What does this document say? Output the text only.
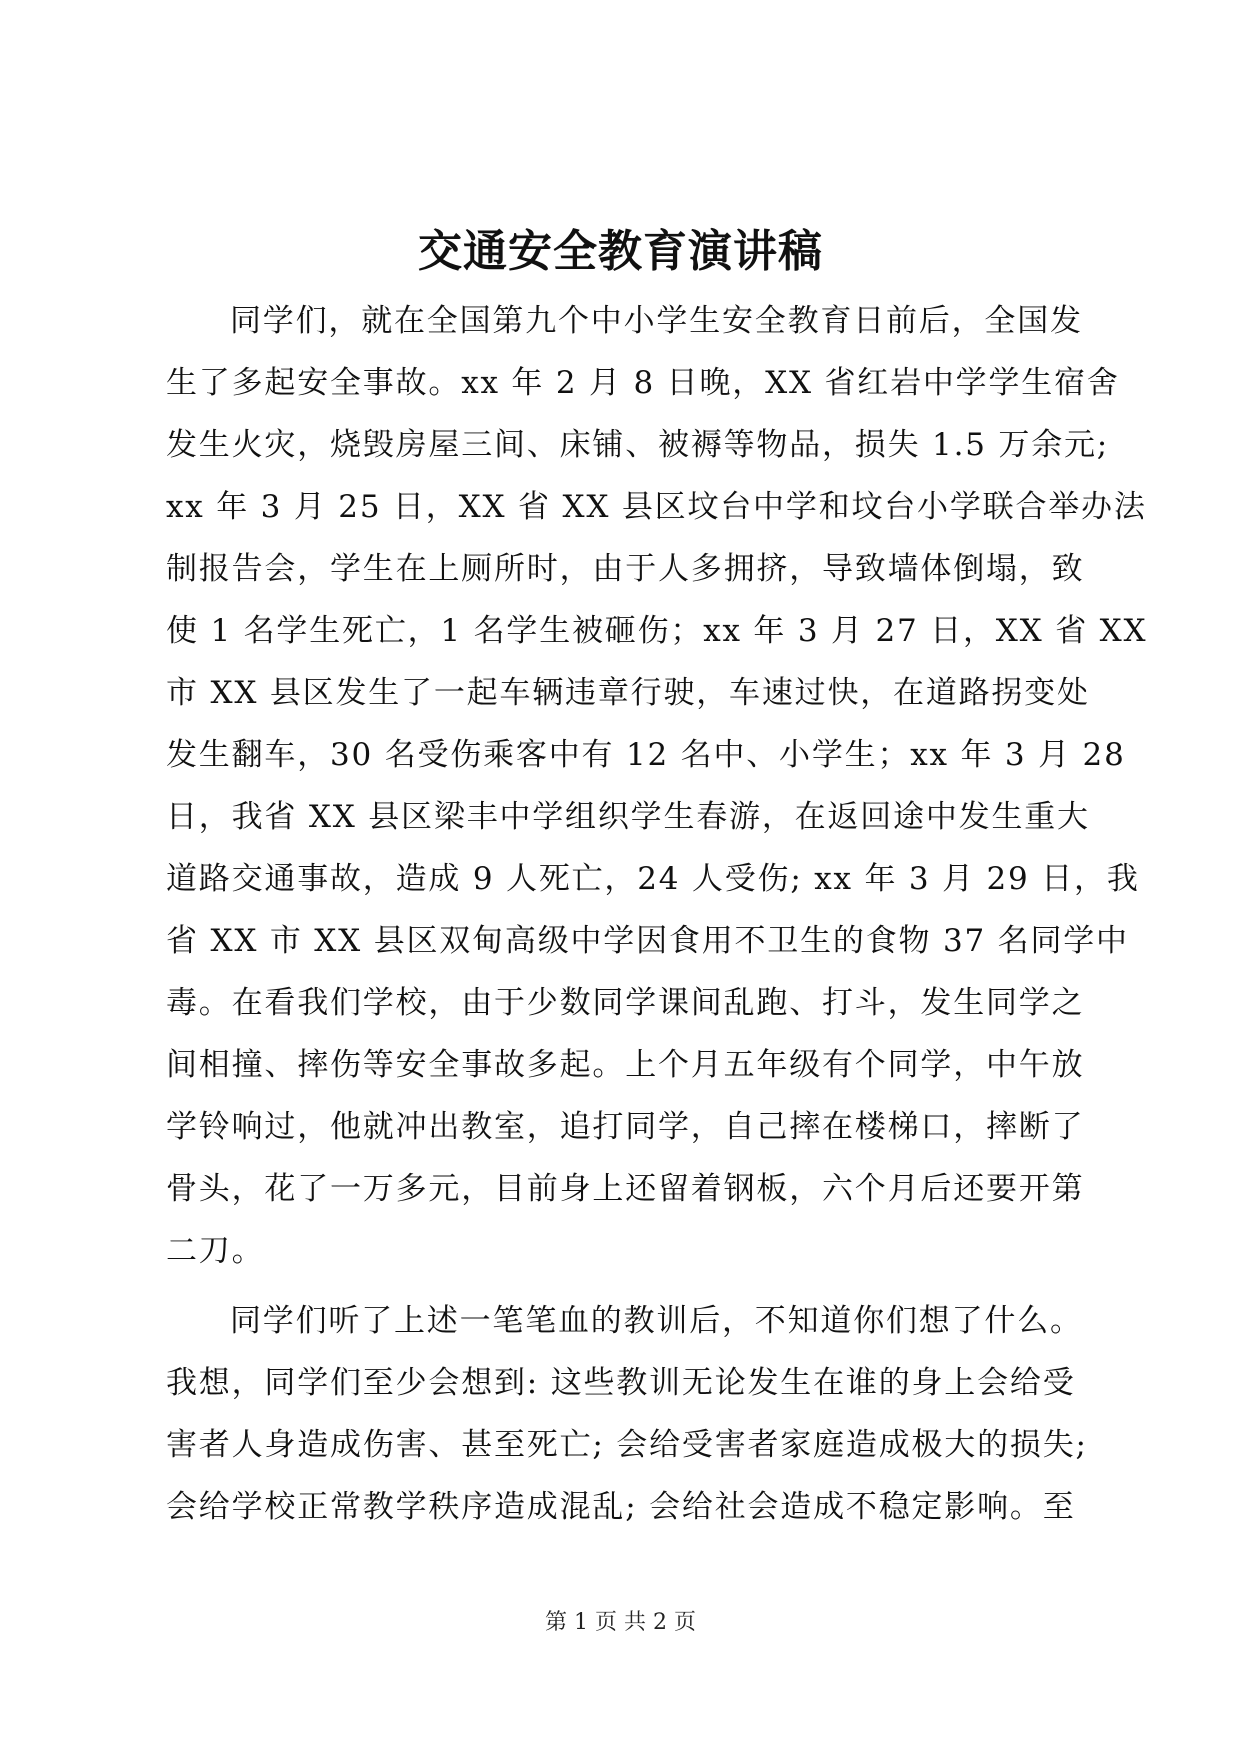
交通安全教育演讲稿
同学们，就在全国第九个中小学生安全教育日前后，全国发
生了多起安全事故。xx 年 2 月 8 日晚，XX 省红岩中学学生宿舍
发生火灾，烧毁房屋三间、床铺、被褥等物品，损失 1.5 万余元;
xx 年 3 月 25 日，XX 省 XX 县区坟台中学和坟台小学联合举办法
制报告会，学生在上厕所时，由于人多拥挤，导致墙体倒塌，致
使 1 名学生死亡，1 名学生被砸伤；xx 年 3 月 27 日，XX 省 XX
市 XX 县区发生了一起车辆违章行驶，车速过快，在道路拐变处
发生翻车，30 名受伤乘客中有 12 名中、小学生；xx 年 3 月 28
日，我省 XX 县区梁丰中学组织学生春游，在返回途中发生重大
道路交通事故，造成 9 人死亡，24 人受伤; xx 年 3 月 29 日，我
省 XX 市 XX 县区双甸高级中学因食用不卫生的食物 37 名同学中
毒。在看我们学校，由于少数同学课间乱跑、打斗，发生同学之
间相撞、摔伤等安全事故多起。上个月五年级有个同学，中午放
学铃响过，他就冲出教室，追打同学，自己摔在楼梯口，摔断了
骨头，花了一万多元，目前身上还留着钢板，六个月后还要开第
二刀。
同学们听了上述一笔笔血的教训后，不知道你们想了什么。
我想，同学们至少会想到: 这些教训无论发生在谁的身上会给受
害者人身造成伤害、甚至死亡; 会给受害者家庭造成极大的损失;
会给学校正常教学秩序造成混乱; 会给社会造成不稳定影响。至
第 1 页 共 2 页
